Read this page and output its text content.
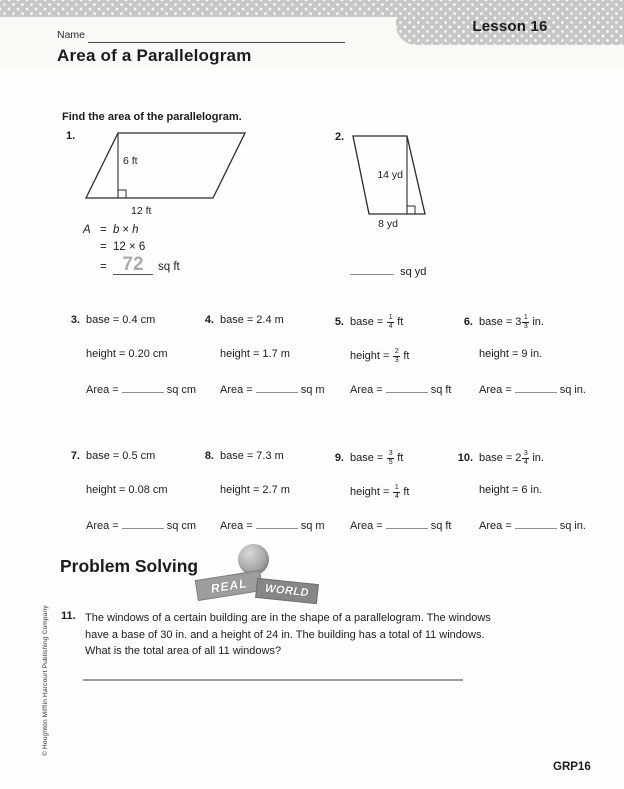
Lesson 16
Name
Area of a Parallelogram
Find the area of the parallelogram.
1.
6 ft
12 ft
A = b × h
= 12 × 6
= 72	sq ft
2.
14 yd
8 yd
sq yd
3. base = 0.4 cm
height = 0.20 cm
Area =	sq cm
4. base = 2.4 m
height = 1.7 m
Area =	sq m
5. base = $\frac{1}{4}$ ft
height = $\frac{2}{3}$ ft
Area =	sq ft
6. base = $3 \frac{1}{3}$ in.
height = 9 in.
Area =	sq in.
7. base = 0.5 cm
height = 0.08 cm
Area =	sq cm
8. base = 7.3 m
height = 2.7 m
Area =	sq m
9. base = $\frac{3}{5}$ ft
height = $\frac{1}{4}$ ft
Area =	sq ft
10. base = $2 \frac{3}{4}$ in.
height = 6 in.
Area =	sq in.
Problem Solving
REAL	WORLD
11. The windows of a certain building are in the shape of a parallelogram. The windows have a base of 30 in. and a height of 24 in. The building has a total of 11 windows. What is the total area of all 11 windows?
© Houghton Mifflin Harcourt Publishing Company
GRP16
